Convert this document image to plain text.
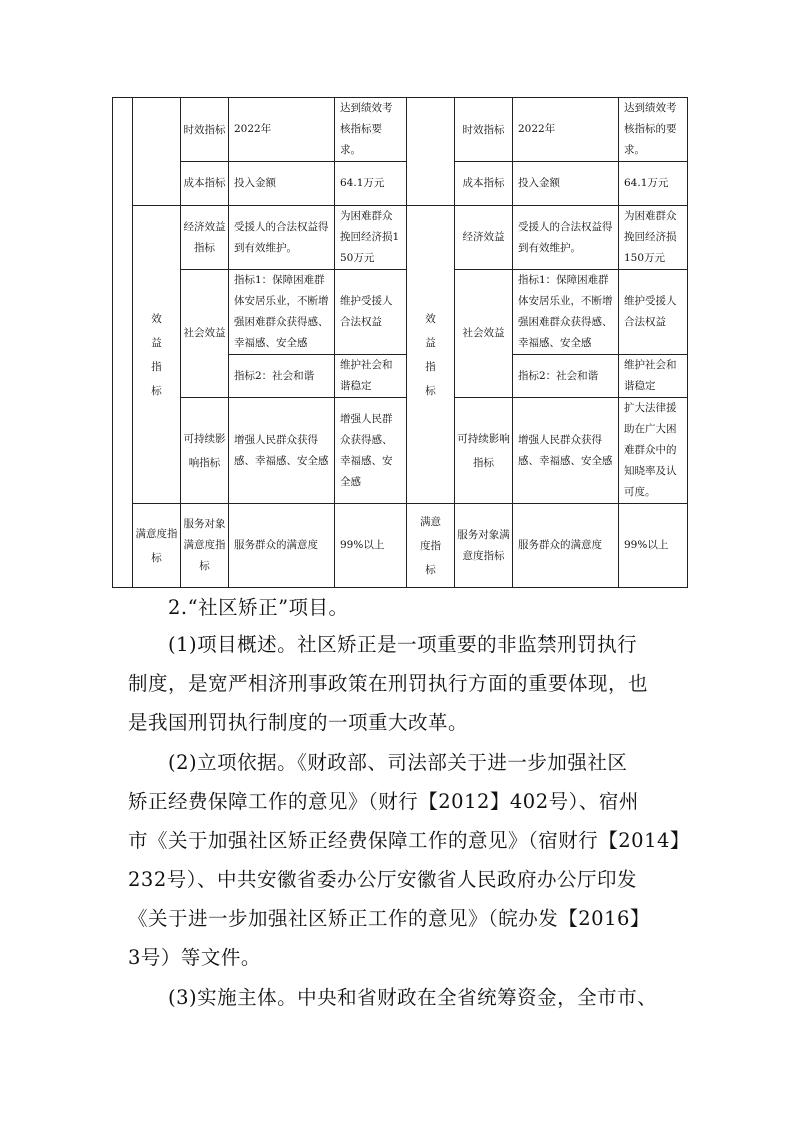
		时效指标	2022年	达到绩效考核指标要求。		时效指标	2022年	达到绩效考核指标的要求。
		成本指标	投入金额	64.1万元		成本指标	投入金额	64.1万元
	效益指标	经济效益指标	受援人的合法权益得到有效维护。	为困难群众挽回经济损150万元	效益指标	经济效益	受援人的合法权益得到有效维护。	为困难群众挽回经济损150万元
		社会效益	指标1：保障困难群体安居乐业，不断增强困难群众获得感、幸福感、安全感	维护受援人合法权益		社会效益	指标1：保障困难群体安居乐业，不断增强困难群众获得感、幸福感、安全感	维护受援人合法权益
			指标2：社会和谐	维护社会和谐稳定			指标2：社会和谐	维护社会和谐稳定
		可持续影响指标	增强人民群众获得感、幸福感、安全感	增强人民群众获得感、幸福感、安全感		可持续影响指标	增强人民群众获得感、幸福感、安全感	扩大法律援助在广大困难群众中的知晓率及认可度。
	满意度指标	服务对象满意度指标	服务群众的满意度	99%以上	满意度指标	服务对象满意度指标	服务群众的满意度	99%以上

2.“社区矫正”项目。

(1)项目概述。社区矫正是一项重要的非监禁刑罚执行
制度，是宽严相济刑事政策在刑罚执行方面的重要体现，也
是我国刑罚执行制度的一项重大改革。

(2)立项依据。《财政部、司法部关于进一步加强社区
矫正经费保障工作的意见》（财行【2012】402号）、宿州
市《关于加强社区矫正经费保障工作的意见》（宿财行【2014】
232号）、中共安徽省委办公厅安徽省人民政府办公厅印发
《关于进一步加强社区矫正工作的意见》（皖办发【2016】
3号）等文件。

(3)实施主体。中央和省财政在全省统筹资金，全市市、
